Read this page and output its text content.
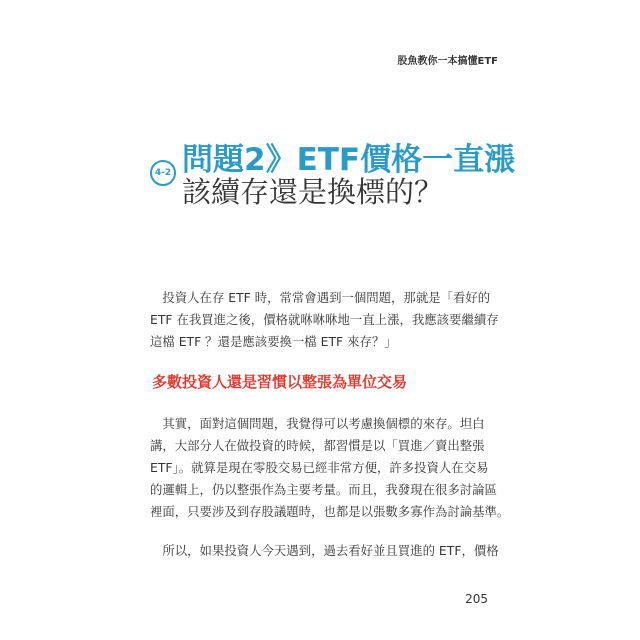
股魚教你一本搞懂ETF
4-2 問題2》ETF價格一直漲
該續存還是換標的？
　投資人在存 ETF 時，常常會遇到一個問題，那就是「看好的
ETF 在我買進之後，價格就咻咻咻地一直上漲，我應該要繼續存
這檔 ETF ？還是應該要換一檔 ETF 來存？」
多數投資人還是習慣以整張為單位交易
　其實，面對這個問題，我覺得可以考慮換個標的來存。坦白
講，大部分人在做投資的時候，都習慣是以「買進／賣出整張
ETF」。就算是現在零股交易已經非常方便，許多投資人在交易
的邏輯上，仍以整張作為主要考量。而且，我發現在很多討論區
裡面，只要涉及到存股議題時，也都是以張數多寡作為討論基準。
　所以，如果投資人今天遇到，過去看好並且買進的 ETF，價格
205
